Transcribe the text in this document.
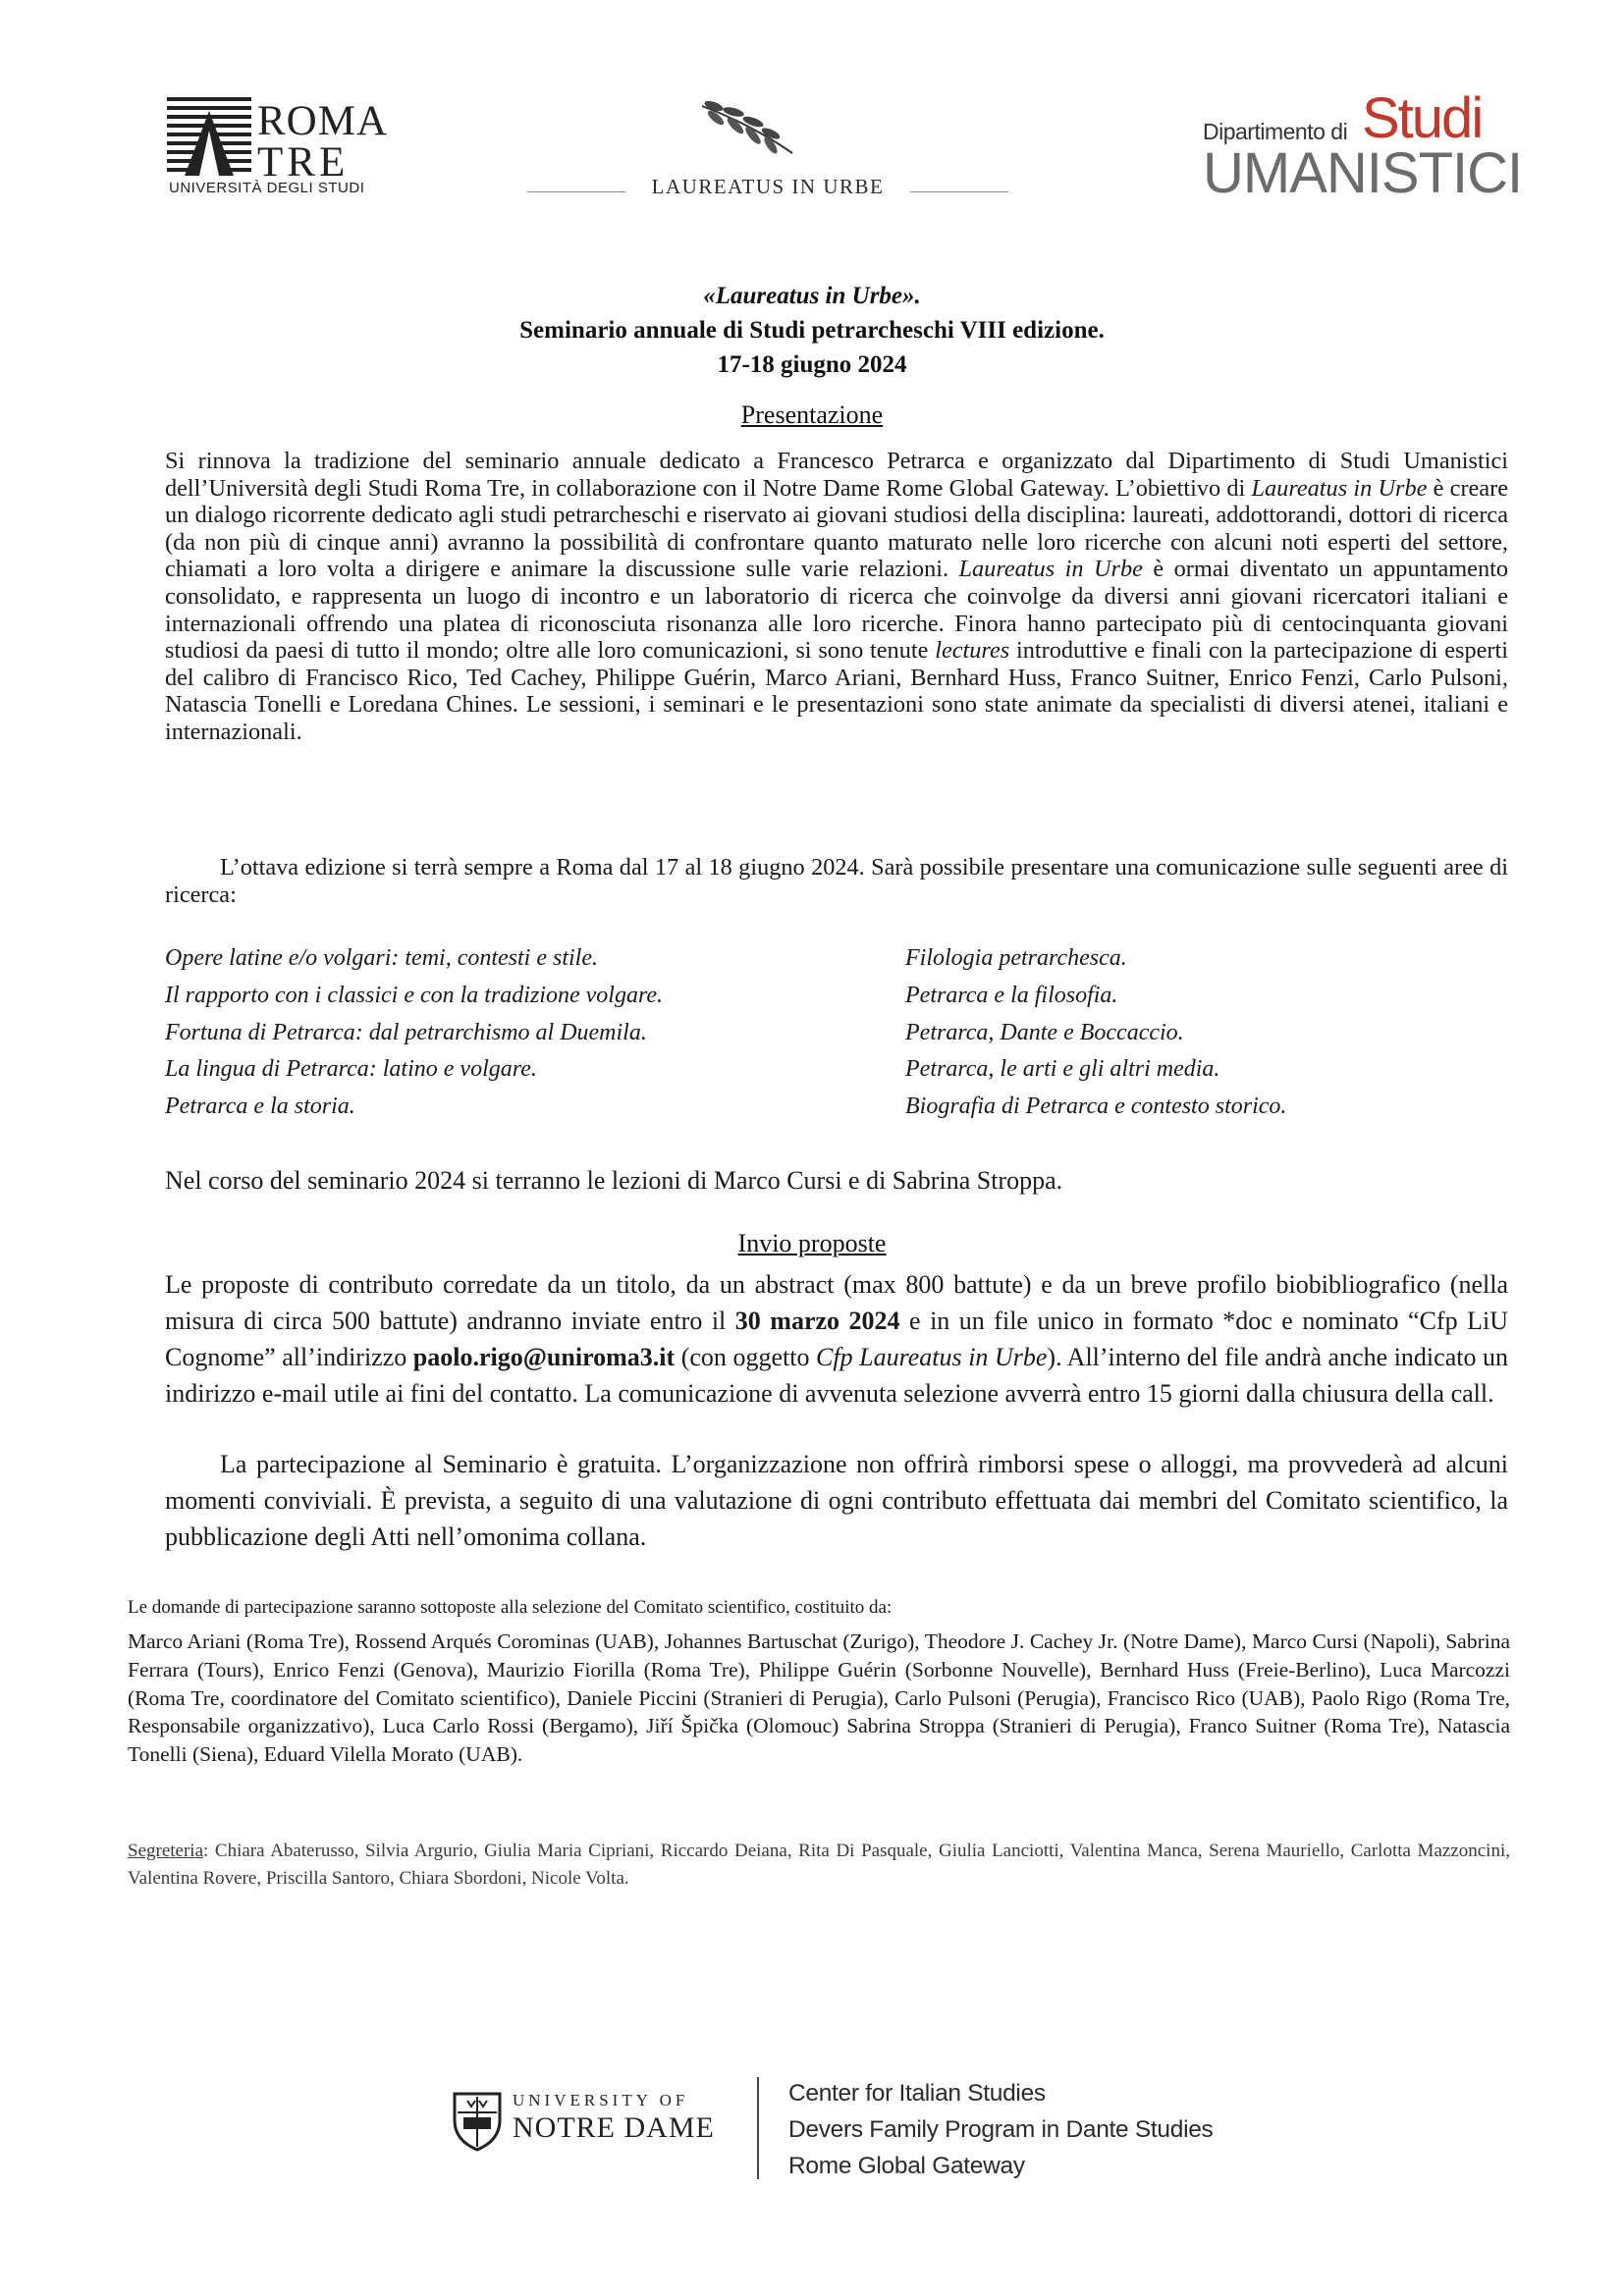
ROMA
TRE
UNIVERSITÀ DEGLI STUDI	LAUREATUS IN URBE
Dipartimento di Studi
UMANISTICI
«Laureatus in Urbe».
Seminario annuale di Studi petrarcheschi VIII edizione.
17-18 giugno 2024
Presentazione
Si rinnova la tradizione del seminario annuale dedicato a Francesco Petrarca e organizzato dal Dipartimento di Studi Umanistici dell’Università degli Studi Roma Tre, in collaborazione con il Notre Dame Rome Global Gateway. L’obiettivo di Laureatus in Urbe è creare un dialogo ricorrente dedicato agli studi petrarcheschi e riservato ai giovani studiosi della disciplina: laureati, addottorandi, dottori di ricerca (da non più di cinque anni) avranno la possibilità di confrontare quanto maturato nelle loro ricerche con alcuni noti esperti del settore, chiamati a loro volta a dirigere e animare la discussione sulle varie relazioni. Laureatus in Urbe è ormai diventato un appuntamento consolidato, e rappresenta un luogo di incontro e un laboratorio di ricerca che coinvolge da diversi anni giovani ricercatori italiani e internazionali offrendo una platea di riconosciuta risonanza alle loro ricerche. Finora hanno partecipato più di centocinquanta giovani studiosi da paesi di tutto il mondo; oltre alle loro comunicazioni, si sono tenute lectures introduttive e finali con la partecipazione di esperti del calibro di Francisco Rico, Ted Cachey, Philippe Guérin, Marco Ariani, Bernhard Huss, Franco Suitner, Enrico Fenzi, Carlo Pulsoni, Natascia Tonelli e Loredana Chines. Le sessioni, i seminari e le presentazioni sono state animate da specialisti di diversi atenei, italiani e internazionali.
L’ottava edizione si terrà sempre a Roma dal 17 al 18 giugno 2024. Sarà possibile presentare una comunicazione sulle seguenti aree di ricerca:
Opere latine e/o volgari: temi, contesti e stile.
Il rapporto con i classici e con la tradizione volgare.
Fortuna di Petrarca: dal petrarchismo al Duemila.
La lingua di Petrarca: latino e volgare.
Petrarca e la storia.
Filologia petrarchesca.
Petrarca e la filosofia.
Petrarca, Dante e Boccaccio.
Petrarca, le arti e gli altri media.
Biografia di Petrarca e contesto storico.
Nel corso del seminario 2024 si terranno le lezioni di Marco Cursi e di Sabrina Stroppa.
Invio proposte
Le proposte di contributo corredate da un titolo, da un abstract (max 800 battute) e da un breve profilo biobibliografico (nella misura di circa 500 battute) andranno inviate entro il 30 marzo 2024 e in un file unico in formato *doc e nominato “Cfp LiU Cognome” all’indirizzo paolo.rigo@uniroma3.it (con oggetto Cfp Laureatus in Urbe). All’interno del file andrà anche indicato un indirizzo e-mail utile ai fini del contatto. La comunicazione di avvenuta selezione avverrà entro 15 giorni dalla chiusura della call.
La partecipazione al Seminario è gratuita. L’organizzazione non offrirà rimborsi spese o alloggi, ma provvederà ad alcuni momenti conviviali. È prevista, a seguito di una valutazione di ogni contributo effettuata dai membri del Comitato scientifico, la pubblicazione degli Atti nell’omonima collana.
Le domande di partecipazione saranno sottoposte alla selezione del Comitato scientifico, costituito da:
Marco Ariani (Roma Tre), Rossend Arqués Corominas (UAB), Johannes Bartuschat (Zurigo), Theodore J. Cachey Jr. (Notre Dame), Marco Cursi (Napoli), Sabrina Ferrara (Tours), Enrico Fenzi (Genova), Maurizio Fiorilla (Roma Tre), Philippe Guérin (Sorbonne Nouvelle), Bernhard Huss (Freie-Berlino), Luca Marcozzi (Roma Tre, coordinatore del Comitato scientifico), Daniele Piccini (Stranieri di Perugia), Carlo Pulsoni (Perugia), Francisco Rico (UAB), Paolo Rigo (Roma Tre, Responsabile organizzativo), Luca Carlo Rossi (Bergamo), Jiří Špička (Olomouc) Sabrina Stroppa (Stranieri di Perugia), Franco Suitner (Roma Tre), Natascia Tonelli (Siena), Eduard Vilella Morato (UAB).
Segreteria: Chiara Abaterusso, Silvia Argurio, Giulia Maria Cipriani, Riccardo Deiana, Rita Di Pasquale, Giulia Lanciotti, Valentina Manca, Serena Mauriello, Carlotta Mazzoncini, Valentina Rovere, Priscilla Santoro, Chiara Sbordoni, Nicole Volta.
UNIVERSITY OF
NOTRE DAME
Center for Italian Studies
Devers Family Program in Dante Studies
Rome Global Gateway
